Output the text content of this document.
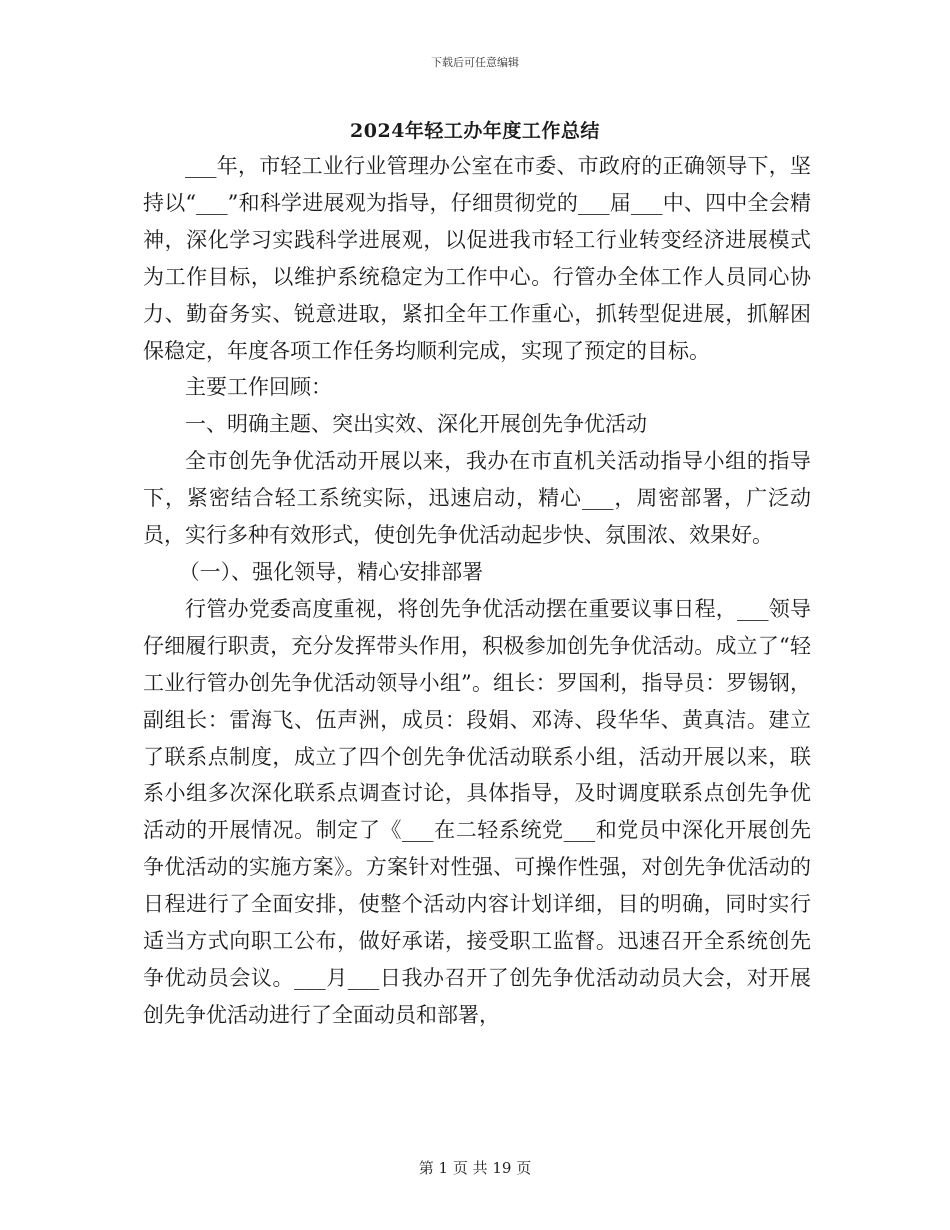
下载后可任意编辑
2024年轻工办年度工作总结

___年，市轻工业行业管理办公室在市委、市政府的正确领导下，坚持以“___”和科学进展观为指导，仔细贯彻党的___届___中、四中全会精神，深化学习实践科学进展观，以促进我市轻工行业转变经济进展模式为工作目标，以维护系统稳定为工作中心。行管办全体工作人员同心协力、勤奋务实、锐意进取，紧扣全年工作重心，抓转型促进展，抓解困保稳定，年度各项工作任务均顺利完成，实现了预定的目标。

主要工作回顾：

一、明确主题、突出实效、深化开展创先争优活动

全市创先争优活动开展以来，我办在市直机关活动指导小组的指导下，紧密结合轻工系统实际，迅速启动，精心___，周密部署，广泛动员，实行多种有效形式，使创先争优活动起步快、氛围浓、效果好。

（一）、强化领导，精心安排部署

行管办党委高度重视，将创先争优活动摆在重要议事日程，___领导仔细履行职责，充分发挥带头作用，积极参加创先争优活动。成立了“轻工业行管办创先争优活动领导小组”。组长：罗国利，指导员：罗锡钢，副组长：雷海飞、伍声洲，成员：段娟、邓涛、段华华、黄真洁。建立了联系点制度，成立了四个创先争优活动联系小组，活动开展以来，联系小组多次深化联系点调查讨论，具体指导，及时调度联系点创先争优活动的开展情况。制定了《___在二轻系统党___和党员中深化开展创先争优活动的实施方案》。方案针对性强、可操作性强，对创先争优活动的日程进行了全面安排，使整个活动内容计划详细，目的明确，同时实行适当方式向职工公布，做好承诺，接受职工监督。迅速召开全系统创先争优动员会议。___月___日我办召开了创先争优活动动员大会，对开展创先争优活动进行了全面动员和部署，

第 1 页 共 19 页
